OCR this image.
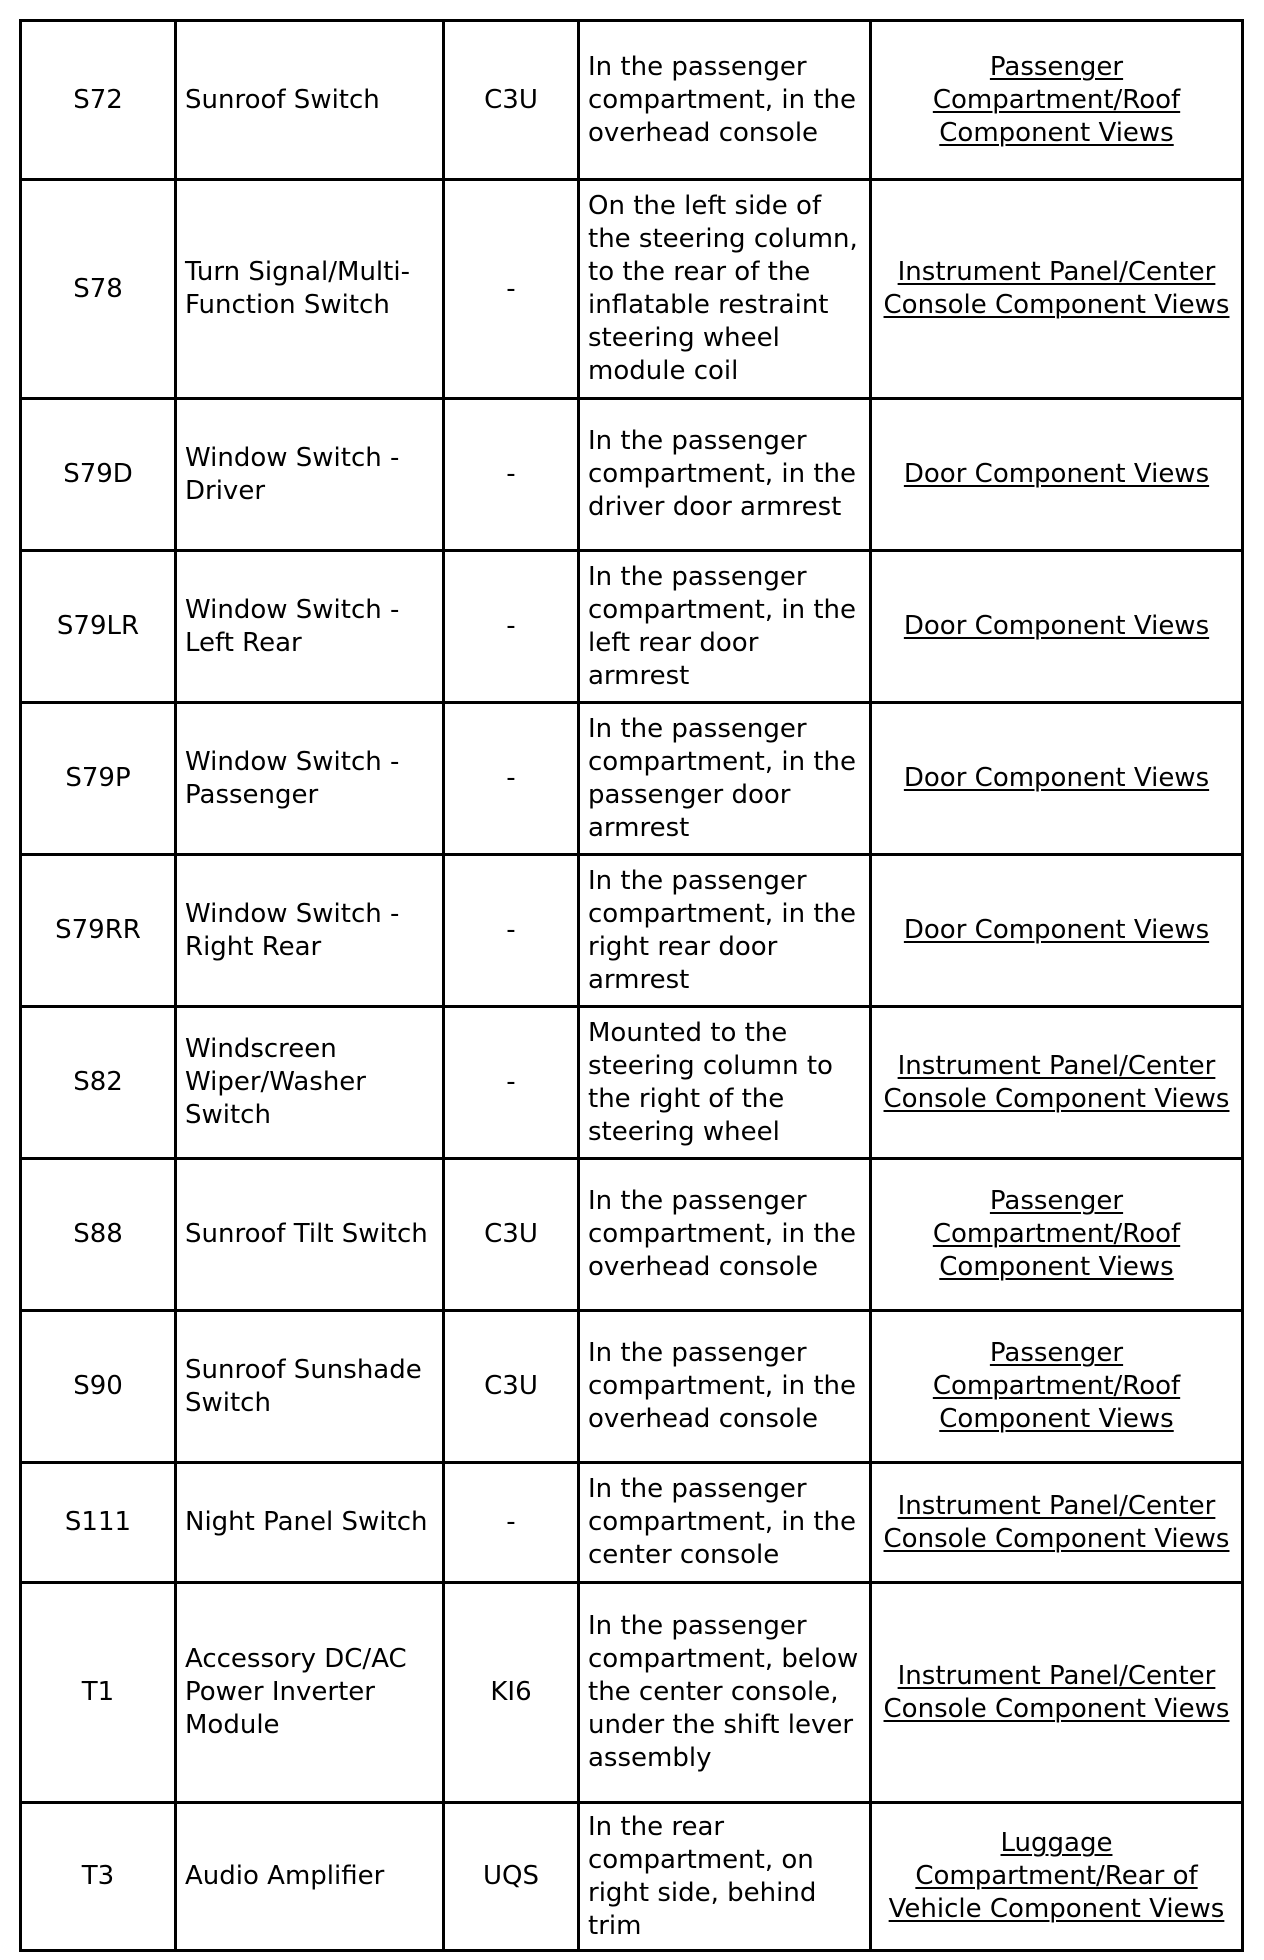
S72	Sunroof Switch	C3U	In the passenger compartment, in the overhead console	Passenger Compartment/Roof Component Views
S78	Turn Signal/Multi-Function Switch	-	On the left side of the steering column, to the rear of the inflatable restraint steering wheel module coil	Instrument Panel/Center Console Component Views
S79D	Window Switch - Driver	-	In the passenger compartment, in the driver door armrest	Door Component Views
S79LR	Window Switch - Left Rear	-	In the passenger compartment, in the left rear door armrest	Door Component Views
S79P	Window Switch - Passenger	-	In the passenger compartment, in the passenger door armrest	Door Component Views
S79RR	Window Switch - Right Rear	-	In the passenger compartment, in the right rear door armrest	Door Component Views
S82	Windscreen Wiper/Washer Switch	-	Mounted to the steering column to the right of the steering wheel	Instrument Panel/Center Console Component Views
S88	Sunroof Tilt Switch	C3U	In the passenger compartment, in the overhead console	Passenger Compartment/Roof Component Views
S90	Sunroof Sunshade Switch	C3U	In the passenger compartment, in the overhead console	Passenger Compartment/Roof Component Views
S111	Night Panel Switch	-	In the passenger compartment, in the center console	Instrument Panel/Center Console Component Views
T1	Accessory DC/AC Power Inverter Module	KI6	In the passenger compartment, below the center console, under the shift lever assembly	Instrument Panel/Center Console Component Views
T3	Audio Amplifier	UQS	In the rear compartment, on right side, behind trim	Luggage Compartment/Rear of Vehicle Component Views
